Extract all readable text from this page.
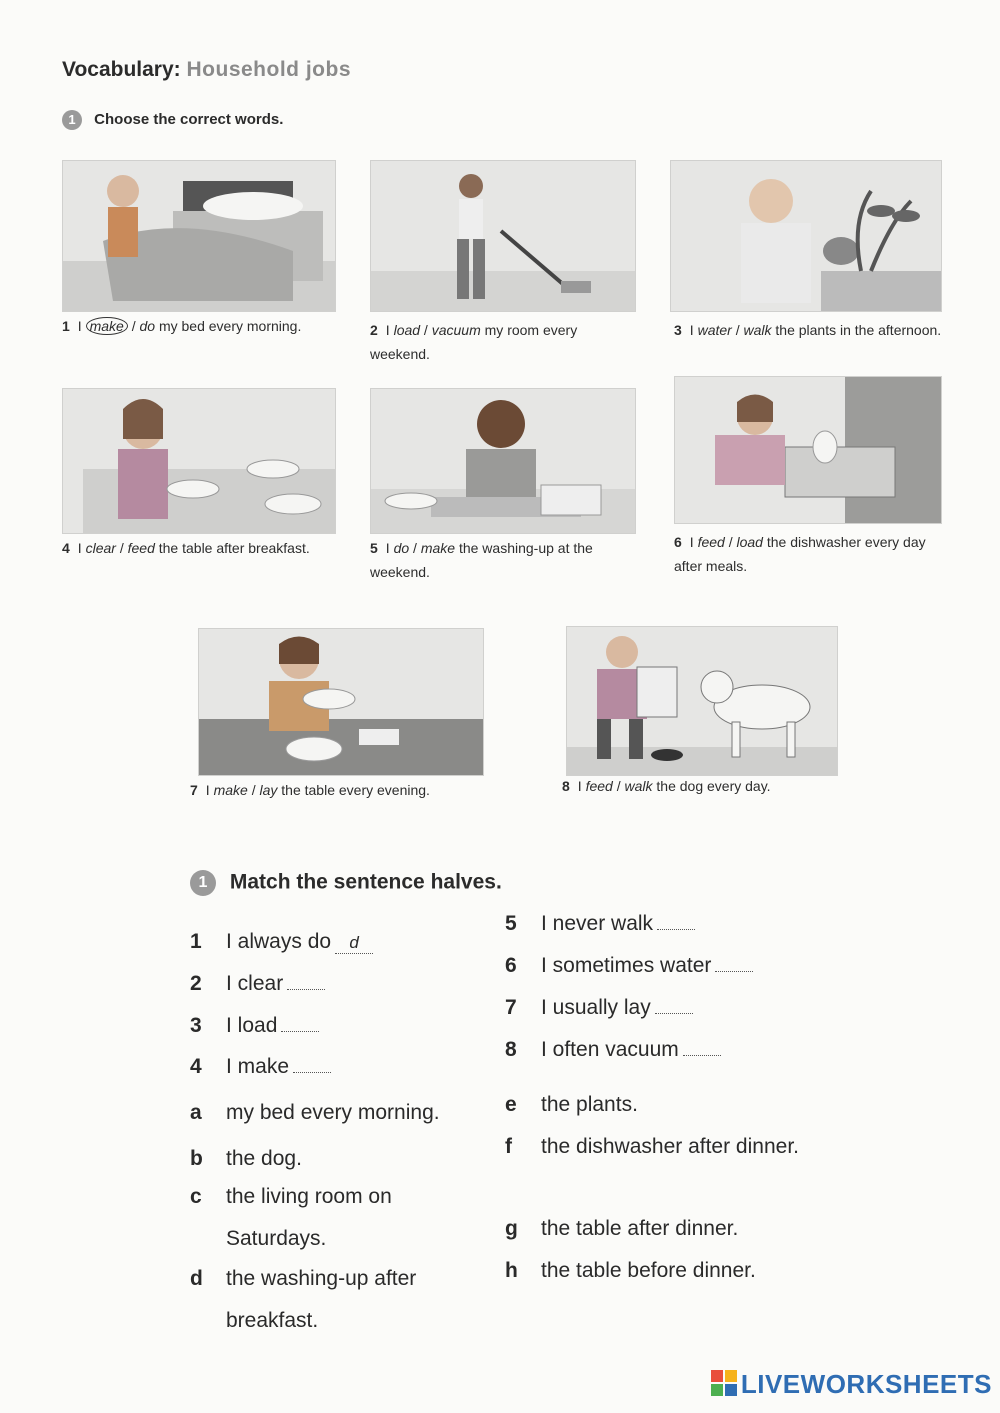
Vocabulary: Household jobs
1 Choose the correct words.
1 I make / do my bed every morning.	2 I load / vacuum my room every weekend.
3 I water / walk the plants in the afternoon.
4 I clear / feed the table after breakfast.	5 I do / make the washing-up at the weekend.
6 I feed / load the dishwasher every day after meals.
7 I make / lay the table every evening.	8 I feed / walk the dog every day.
1 Match the sentence halves.
1 I always do d
2 I clear
3 I load
4 I make
5 I never walk
6 I sometimes water
7 I usually lay
8 I often vacuum
a my bed every morning.
b the dog.
c the living room on Saturdays.
d the washing-up after breakfast.
e the plants.
f the dishwasher after dinner.
g the table after dinner.
h the table before dinner.
LIVEWORKSHEETS
